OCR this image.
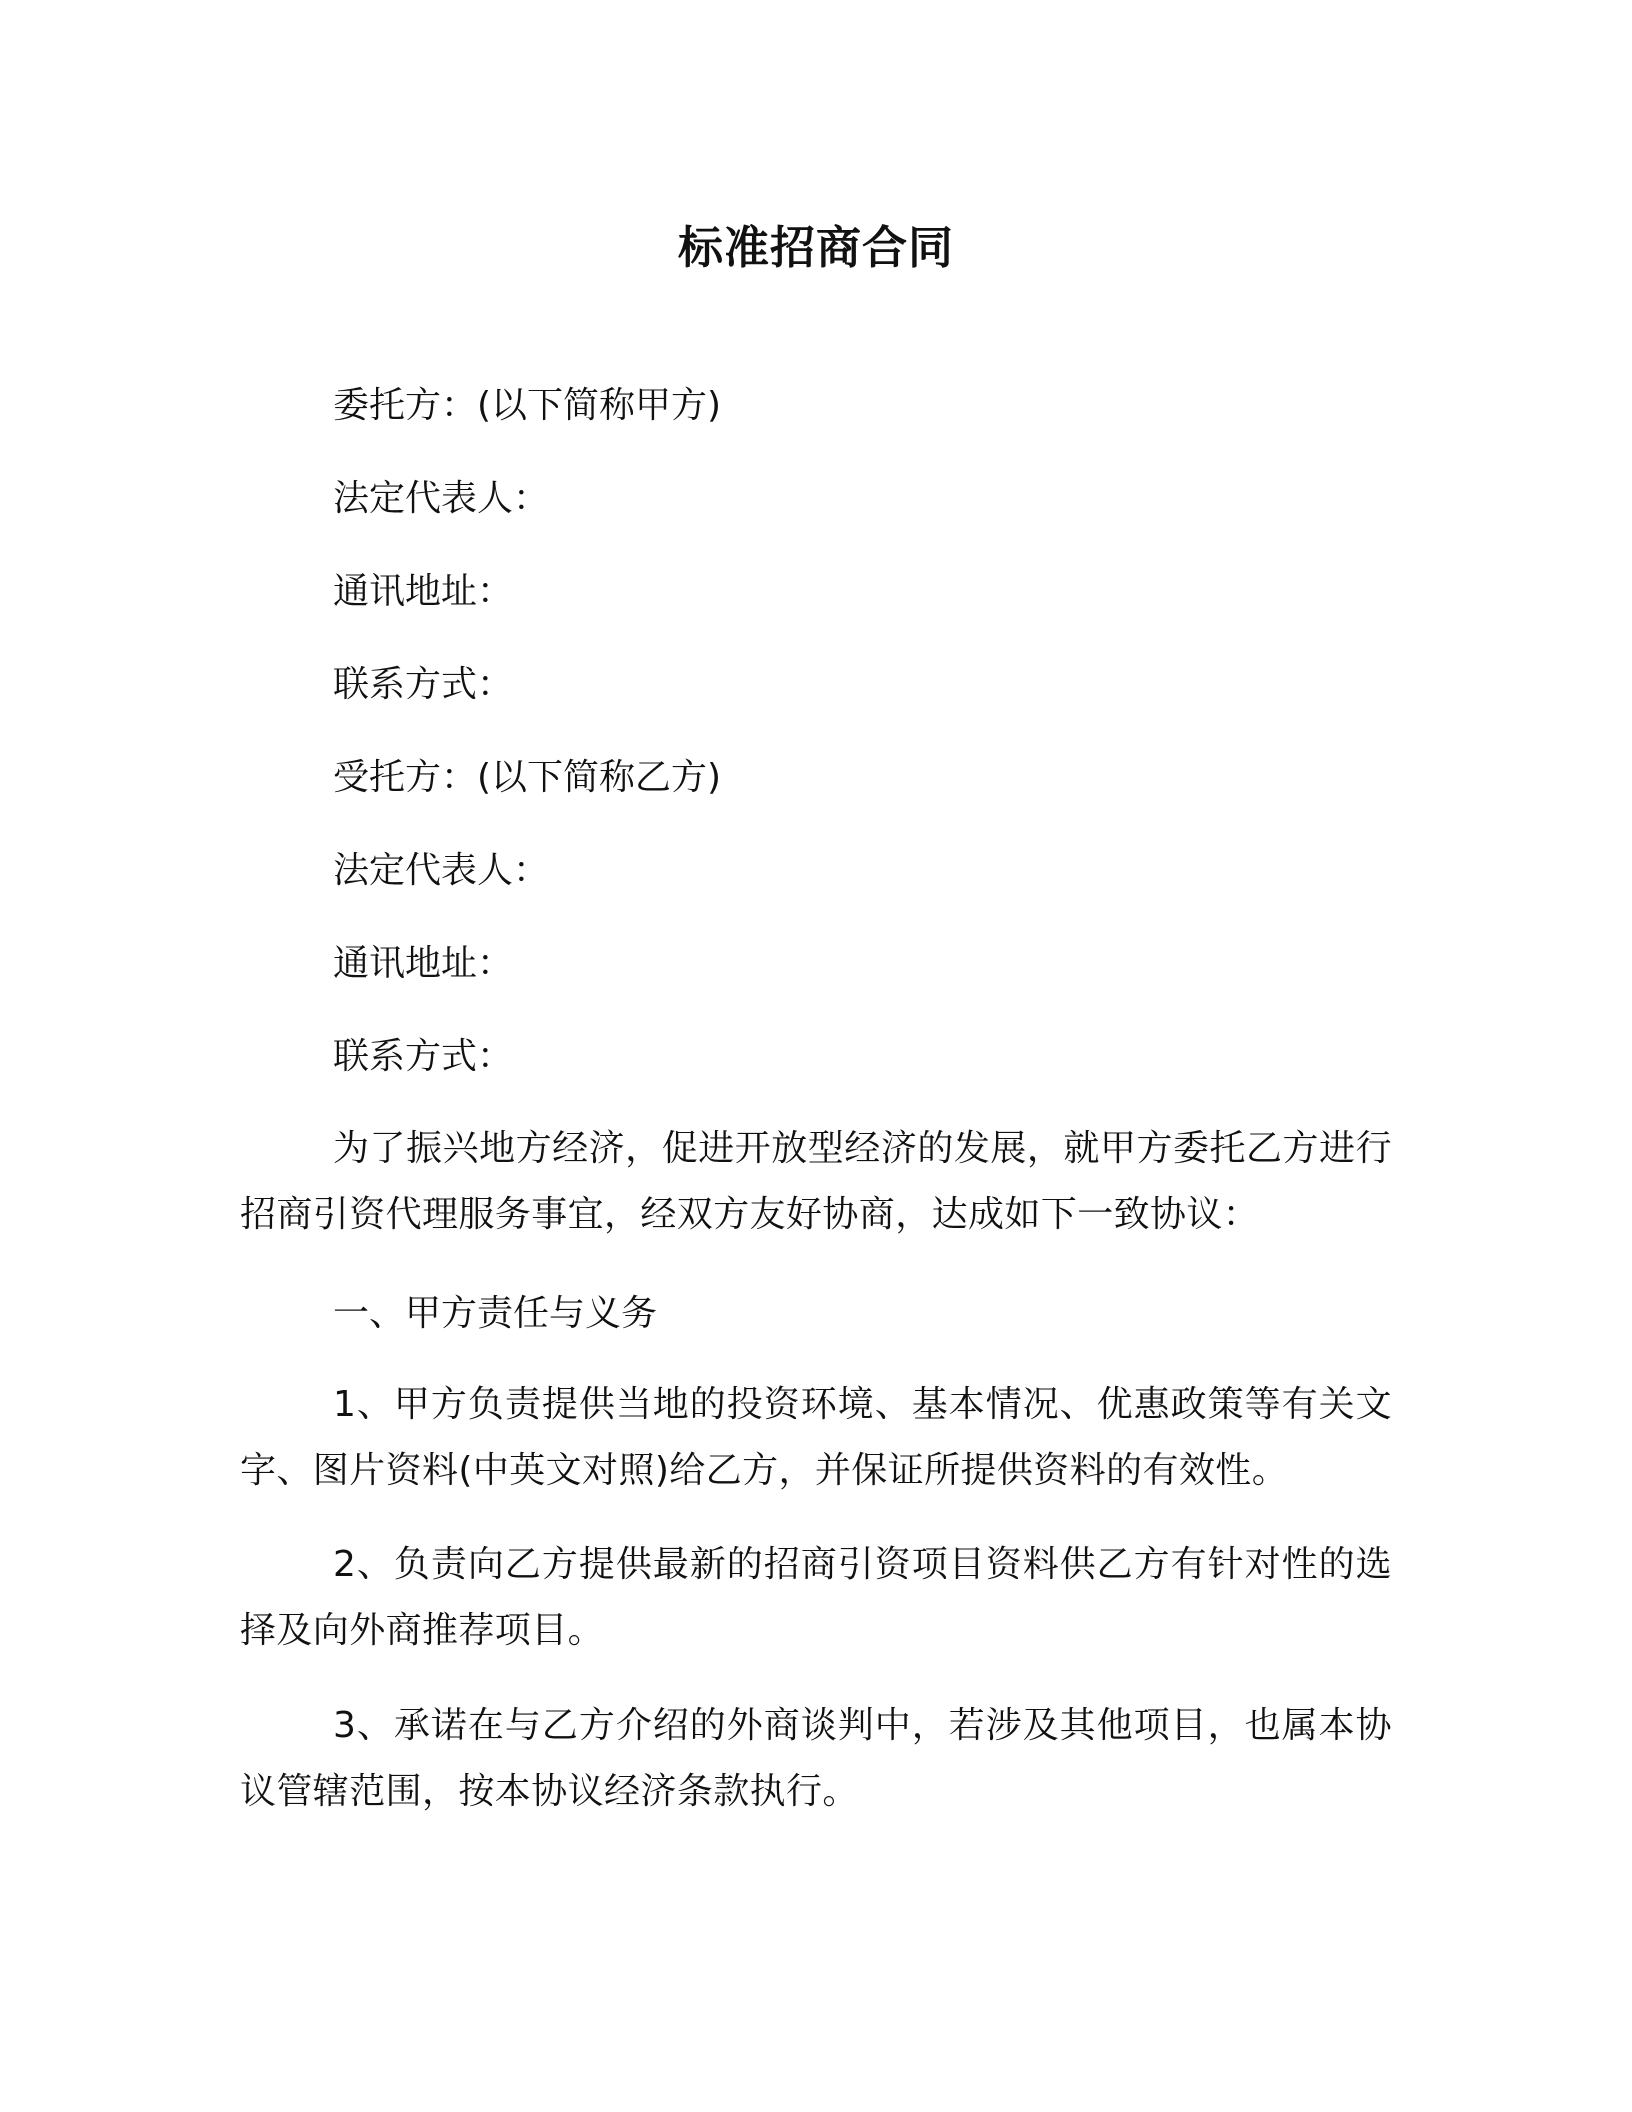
标准招商合同
委托方：(以下简称甲方)
法定代表人：
通讯地址：
联系方式：
受托方：(以下简称乙方)
法定代表人：
通讯地址：
联系方式：
为了振兴地方经济，促进开放型经济的发展，就甲方委托乙方进行招商引资代理服务事宜，经双方友好协商，达成如下一致协议：
一、甲方责任与义务
1、甲方负责提供当地的投资环境、基本情况、优惠政策等有关文字、图片资料(中英文对照)给乙方，并保证所提供资料的有效性。
2、负责向乙方提供最新的招商引资项目资料供乙方有针对性的选择及向外商推荐项目。
3、承诺在与乙方介绍的外商谈判中，若涉及其他项目，也属本协议管辖范围，按本协议经济条款执行。
